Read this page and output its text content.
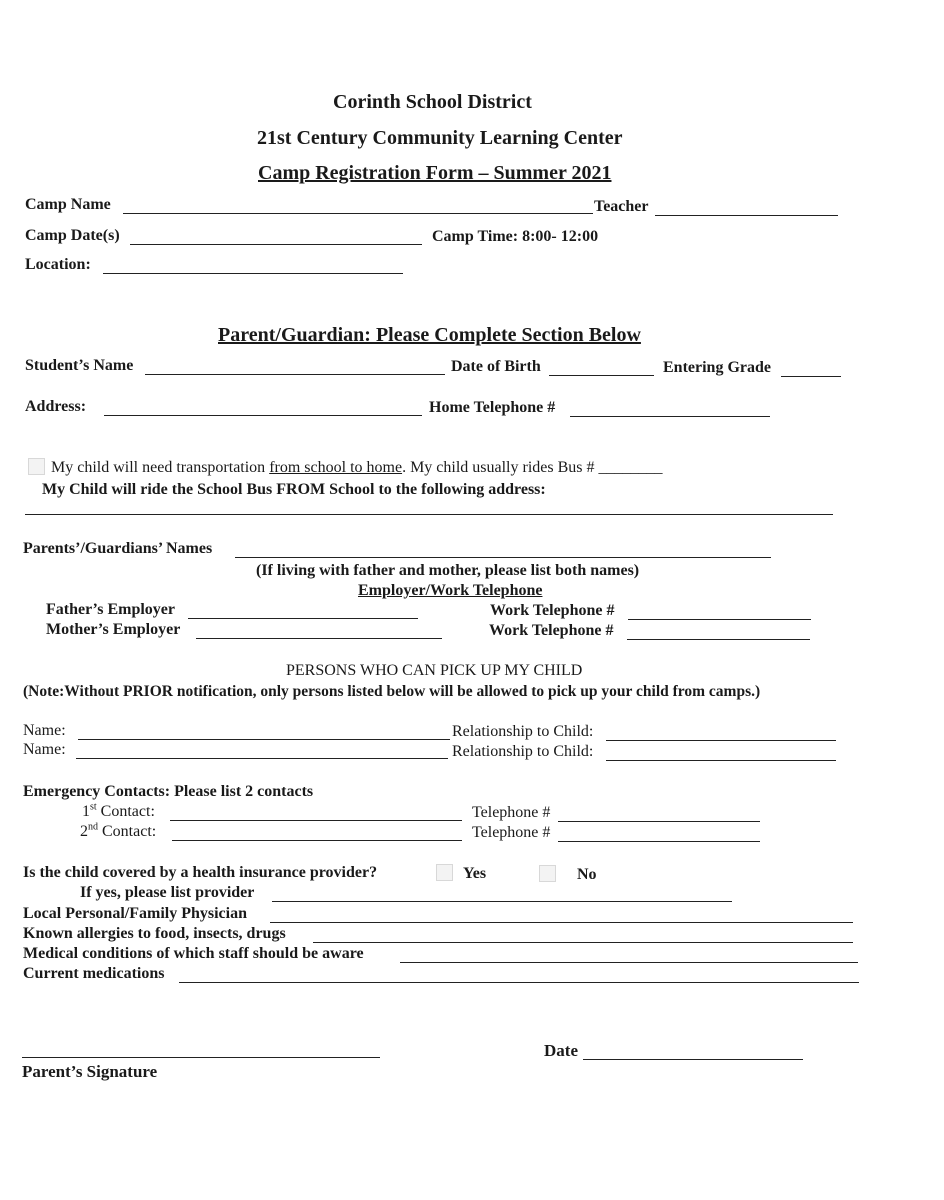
Corinth School District
21st Century Community Learning Center
Camp Registration Form – Summer 2021
Camp Name	Teacher
Camp Date(s)	Camp Time: 8:00- 12:00
Location:
Parent/Guardian: Please Complete Section Below
Student’s Name	Date of Birth	Entering Grade
Address:	Home Telephone #
My child will need transportation from school to home. My child usually rides Bus # ________
My Child will ride the School Bus FROM School to the following address:
Parents’/Guardians’ Names
(If living with father and mother, please list both names)
Employer/Work Telephone
Father’s Employer	Work Telephone #
Mother’s Employer	Work Telephone #
PERSONS WHO CAN PICK UP MY CHILD
(Note:Without PRIOR notification, only persons listed below will be allowed to pick up your child from camps.)
Name:	Relationship to Child:
Name:	Relationship to Child:
Emergency Contacts: Please list 2 contacts
1st Contact:	Telephone #
2nd Contact:	Telephone #
Is the child covered by a health insurance provider?	Yes	No
If yes, please list provider
Local Personal/Family Physician
Known allergies to food, insects, drugs
Medical conditions of which staff should be aware
Current medications
Parent’s Signature
Date
